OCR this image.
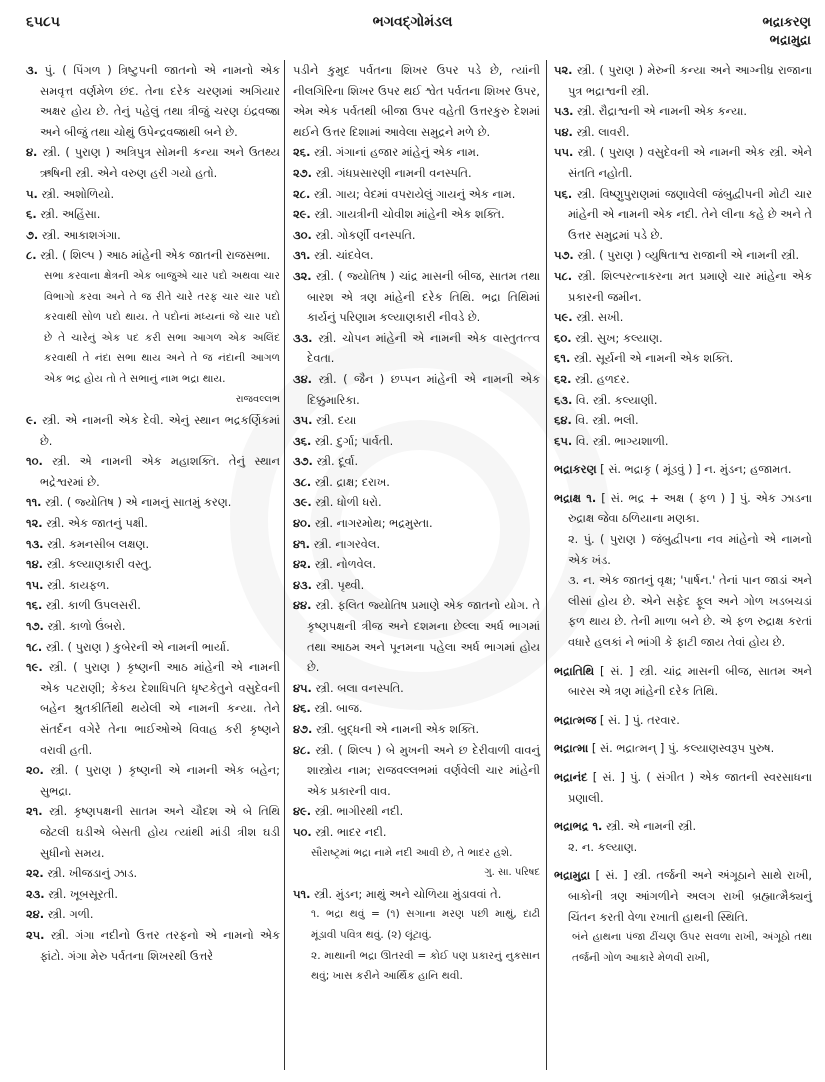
૬૫૮૫	ભગવદ્ગોમંડલ	ભદ્રાકરણ
ભદ્રામુદ્રા

૩. પું. ( પિંગળ ) ત્રિષ્ટુપની જાતનો એ નામનો એક સમવૃત્ત વર્ણમેળ છંદ. તેના દરેક ચરણમાં અગિયાર અક્ષર હોય છે. તેનું પહેલું તથા ત્રીજું ચરણ ઇંદ્રવજ્રા અને બીજું તથા ચોથું ઉપેન્દ્રવજ્રાથી બને છે.

૪. સ્ત્રી. ( પુરાણ ) અત્રિપુત્ર સોમની કન્યા અને ઉતથ્ય ઋષિની સ્ત્રી. એને વરુણ હરી ગયો હતો.

૫. સ્ત્રી. અશોળિયો.

૬. સ્ત્રી. અહિંસા.

૭. સ્ત્રી. આકાશગંગા.

૮. સ્ત્રી. ( શિલ્પ ) આઠ માંહેની એક જાતની રાજસભા.

સભા કરવાના ક્ષેત્રની એક બાજુએ ચાર પદો અથવા ચાર વિભાગો કરવા અને તે જ રીતે ચારે તરફ ચાર ચાર પદો કરવાથી સોળ પદો થાય. તે પદોનાં મધ્યનાં જે ચાર પદો છે તે ચારેનું એક પદ કરી સભા આગળ એક અલિંદ કરવાથી તે નંદા સભા થાય અને તે જ નંદાની આગળ એક ભદ્ર હોય તો તે સભાનું નામ ભદ્રા થાય.

રાજવલ્લભ

૯. સ્ત્રી. એ નામની એક દેવી. એનું સ્થાન ભદ્રકર્ણિકમાં છે.

૧૦. સ્ત્રી. એ નામની એક મહાશક્તિ. તેનું સ્થાન ભદ્રેશ્વરમાં છે.

૧૧. સ્ત્રી. ( જ્યોતિષ ) એ નામનું સાતમું કરણ.

૧૨. સ્ત્રી. એક જાતનું પક્ષી.

૧૩. સ્ત્રી. કમનસીબ લક્ષણ.

૧૪. સ્ત્રી. કલ્યાણકારી વસ્તુ.

૧૫. સ્ત્રી. કાયફળ.

૧૬. સ્ત્રી. કાળી ઉપલસરી.

૧૭. સ્ત્રી. કાળો ઉંબરો.

૧૮. સ્ત્રી. ( પુરાણ ) કુબેરની એ નામની ભાર્યા.

૧૯. સ્ત્રી. ( પુરાણ ) કૃષ્ણની આઠ માંહેની એ નામની એક પટરાણી; કેકય દેશાધિપતિ ધૃષ્ટકેતુને વસુદેવની બહેન શ્રુતકીર્તિથી થયેલી એ નામની કન્યા. તેને સંતર્દન વગેરે તેના ભાઈઓએ વિવાહ કરી કૃષ્ણને વરાવી હતી.

૨૦. સ્ત્રી. ( પુરાણ ) કૃષ્ણની એ નામની એક બહેન; સુભદ્રા.

૨૧. સ્ત્રી. કૃષ્ણપક્ષની સાતમ અને ચૌદશ એ બે તિથિ જેટલી ઘડીએ બેસતી હોય ત્યાંથી માંડી ત્રીશ ઘડી સુધીનો સમય.

૨૨. સ્ત્રી. ખીજડાનું ઝાડ.

૨૩. સ્ત્રી. ખૂબસૂરતી.

૨૪. સ્ત્રી. ગળી.

૨૫. સ્ત્રી. ગંગા નદીનો ઉત્તર તરફનો એ નામનો એક ફાંટો. ગંગા મેરુ પર્વતના શિખરથી ઉત્તરે

પડીને કુમુદ પર્વતના શિખર ઉપર પડે છે, ત્યાંની નીલગિરિના શિખર ઉપર થઈ શ્વેત પર્વતના શિખર ઉપર, એમ એક પર્વતથી બીજા ઉપર વહેતી ઉત્તરકુરુ દેશમાં થઈને ઉત્તર દિશામાં આવેલા સમુદ્રને મળે છે.

૨૬. સ્ત્રી. ગંગાનાં હજાર માંહેનું એક નામ.

૨૭. સ્ત્રી. ગંધપ્રસારણી નામની વનસ્પતિ.

૨૮. સ્ત્રી. ગાય; વેદમાં વપરાયેલું ગાયનું એક નામ.

૨૯. સ્ત્રી. ગાયત્રીની ચોવીશ માંહેની એક શક્તિ.

૩૦. સ્ત્રી. ગોકર્ણી વનસ્પતિ.

૩૧. સ્ત્રી. ચાંદવેલ.

૩૨. સ્ત્રી. ( જ્યોતિષ ) ચાંદ્ર માસની બીજ, સાતમ તથા બારશ એ ત્રણ માંહેની દરેક તિથિ. ભદ્રા તિથિમાં કાર્યનું પરિણામ કલ્યાણકારી નીવડે છે.

૩૩. સ્ત્રી. ચોપન માંહેની એ નામની એક વાસ્તુતત્ત્વ દેવતા.

૩૪. સ્ત્રી. ( જૈન ) છપ્પન માંહેની એ નામની એક દિક્કુમારિકા.

૩૫. સ્ત્રી. દયા

૩૬. સ્ત્રી. દુર્ગા; પાર્વતી.

૩૭. સ્ત્રી. દૂર્વા.

૩૮. સ્ત્રી. દ્રાક્ષ; દરાખ.

૩૯. સ્ત્રી. ધોળી ધરો.

૪૦. સ્ત્રી. નાગરમોથ; ભદ્રમુસ્તા.

૪૧. સ્ત્રી. નાગરવેલ.

૪૨. સ્ત્રી. નોળવેલ.

૪૩. સ્ત્રી. પૃથ્વી.

૪૪. સ્ત્રી. ફલિત જ્યોતિષ પ્રમાણે એક જાતનો યોગ. તે કૃષ્ણપક્ષની ત્રીજ અને દશમના છેલ્લા અર્ધ ભાગમાં તથા આઠમ અને પૂનમના પહેલા અર્ધ ભાગમાં હોય છે.

૪૫. સ્ત્રી. બલા વનસ્પતિ.

૪૬. સ્ત્રી. બાજ.

૪૭. સ્ત્રી. બુદ્ધની એ નામની એક શક્તિ.

૪૮. સ્ત્રી. ( શિલ્પ ) બે મુખની અને છ દેરીવાળી વાવનું શાસ્ત્રોય નામ; રાજવલ્લભમાં વર્ણવેલી ચાર માંહેની એક પ્રકારની વાવ.

૪૯. સ્ત્રી. ભાગીરથી નદી.

૫૦. સ્ત્રી. ભાદર નદી.

સૌરાષ્ટ્રમાં ભદ્રા નામે નદી આવી છે, તે ભાદર હશે.

ગુ. સા. પરિષદ

૫૧. સ્ત્રી. મુંડન; માથું અને ચોળિયા મુંડાવવાં તે.

૧. ભદ્રા થવું = (૧) સગાના મરણ પછી માથું, દાઢી મૂંડાવી પવિત્ર થવું. (૨) લૂંટાવું.

૨. માથાની ભદ્રા ઊતરવી = કોઈ પણ પ્રકારનું નુકસાન થવું; ખાસ કરીને આર્થિક હાનિ થવી.

૫૨. સ્ત્રી. ( પુરાણ ) મેરુની કન્યા અને આગ્નીધ્ર રાજાના પુત્ર ભદ્રાશ્વની સ્ત્રી.

૫૩. સ્ત્રી. રૌદ્રાશ્વની એ નામની એક કન્યા.

૫૪. સ્ત્રી. લાવરી.

૫૫. સ્ત્રી. ( પુરાણ ) વસુદેવની એ નામની એક સ્ત્રી. એને સંતતિ નહોતી.

૫૬. સ્ત્રી. વિષ્ણુપુરાણમાં જણાવેલી જંબુદ્વીપની મોટી ચાર માંહેની એ નામની એક નદી. તેને લીના કહે છે અને તે ઉત્તર સમુદ્રમાં પડે છે.

૫૭. સ્ત્રી. ( પુરાણ ) વ્યુષિતાશ્વ રાજાની એ નામની સ્ત્રી.

૫૮. સ્ત્રી. શિલ્પરત્નાકરના મત પ્રમાણે ચાર માંહેના એક પ્રકારની જમીન.

૫૯. સ્ત્રી. સખી.

૬૦. સ્ત્રી. સુખ; કલ્યાણ.

૬૧. સ્ત્રી. સૂર્યની એ નામની એક શક્તિ.

૬૨. સ્ત્રી. હળદર.

૬૩. વિ. સ્ત્રી. કલ્યાણી.

૬૪. વિ. સ્ત્રી. ભલી.

૬૫. વિ. સ્ત્રી. ભાગ્યશાળી.

ભદ્રાકરણ [ સં. ભદ્રાકૃ ( મૂંડવું ) ] ન. મુંડન; હજામત.

ભદ્રાક્ષ ૧. [ સં. ભદ્ર + અક્ષ ( ફળ ) ] પું. એક ઝાડના રુદ્રાક્ષ જેવા ઠળિયાના મણકા.

૨. પું. ( પુરાણ ) જંબુદ્વીપના નવ માંહેનો એ નામનો એક ખંડ.

૩. ન. એક જાતનું વૃક્ષ; 'પાર્ષન.' તેનાં પાન જાડાં અને લીસાં હોય છે. એને સફેદ ફૂલ અને ગોળ ખડબચડાં ફળ થાય છે. તેની માળા બને છે. એ ફળ રુદ્રાક્ષ કરતાં વધારે હલકાં ને ભાંગી કે ફાટી જાય તેવાં હોય છે.

ભદ્રાતિથિ [ સં. ] સ્ત્રી. ચાંદ્ર માસની બીજ, સાતમ અને બારસ એ ત્રણ માંહેની દરેક તિથિ.

ભદ્રાત્મજ [ સં. ] પું. તરવાર.

ભદ્રાત્મા [ સં. ભદ્રાત્મન્ ] પું. કલ્યાણસ્વરૂપ પુરુષ.

ભદ્રાનંદ [ સં. ] પું. ( સંગીત ) એક જાતની સ્વરસાધના પ્રણાલી.

ભદ્રાભદ્ર ૧. સ્ત્રી. એ નામની સ્ત્રી.

૨. ન. કલ્યાણ.

ભદ્રામુદ્રા [ સં. ] સ્ત્રી. તર્જની અને અંગૂઠાને સાથે રાખી, બાકોની ત્રણ આંગળીને અલગ રાખી બ્રહ્માત્મૈક્યનું ચિંતન કરતી વેળા રખાતી હાથની સ્થિતિ.

બંને હાથના પંજા ઢીંચણ ઉપર સવળા રાખી, અંગૂઠો તથા તર્જની ગોળ આકારે મેળવી રાખી,
